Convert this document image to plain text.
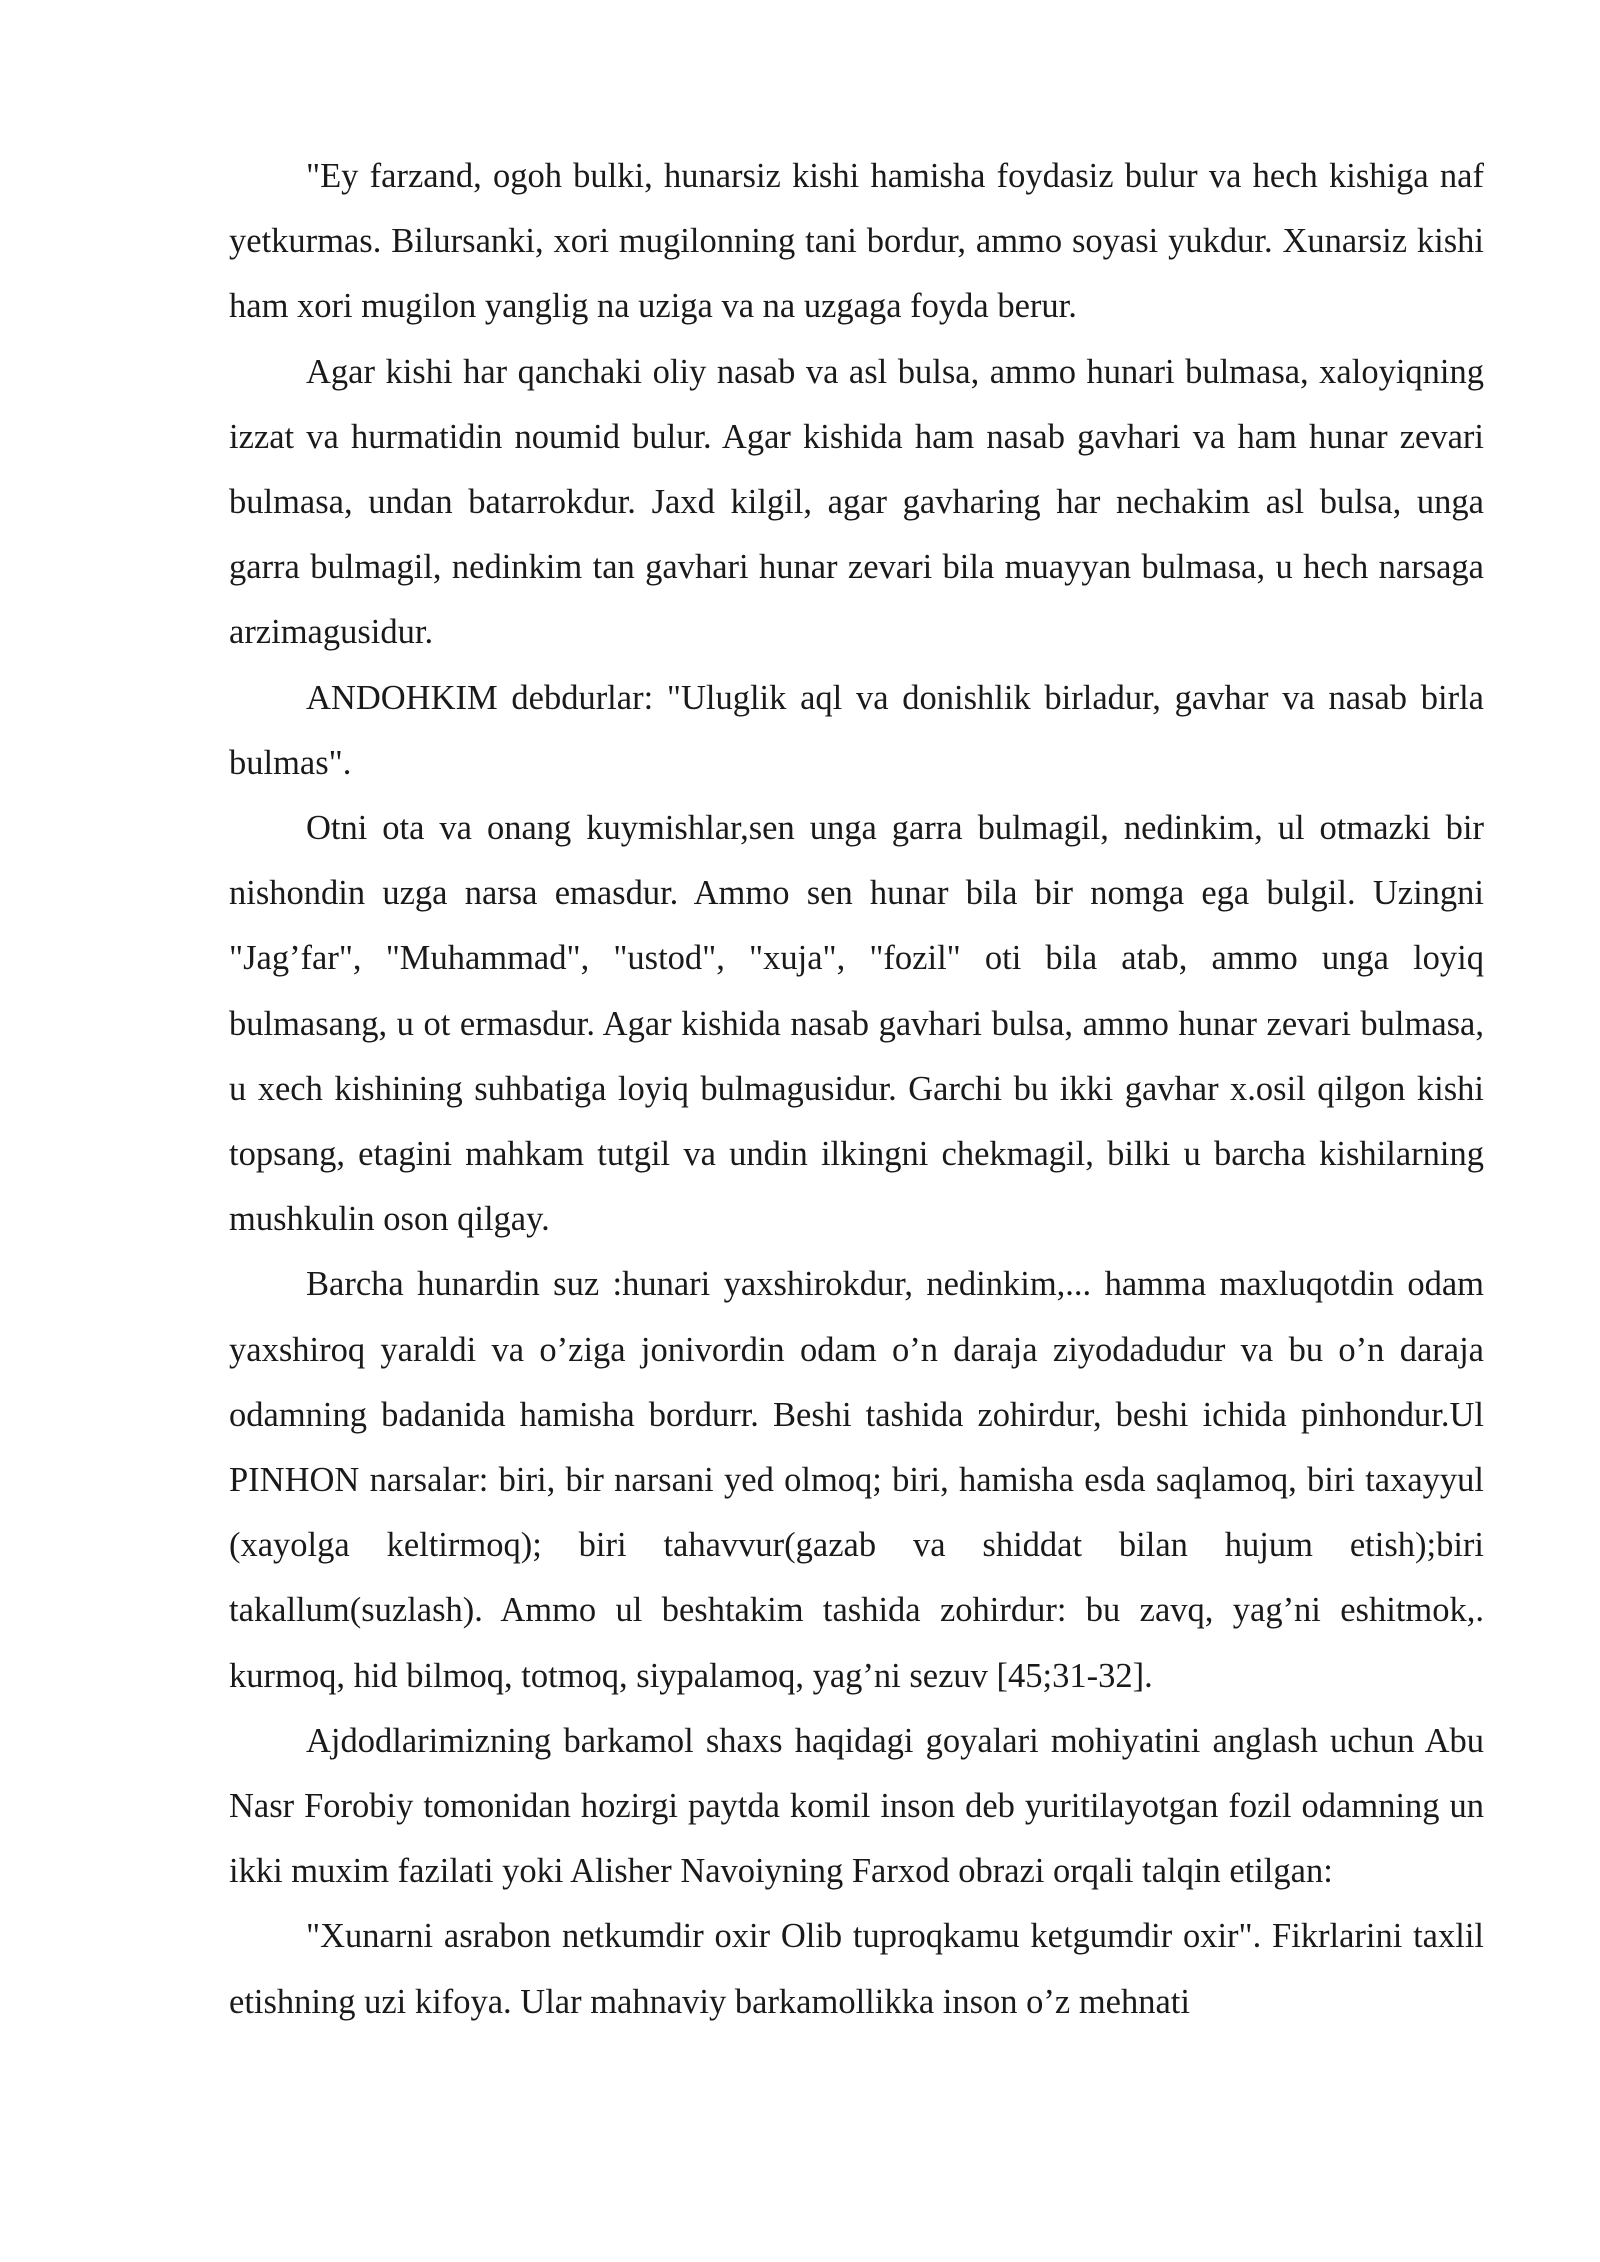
"Ey farzand, ogoh bulki, hunarsiz kishi hamisha foydasiz bulur va hech kishiga naf yetkurmas. Bilursanki, xori mugilonning tani bordur, ammo soyasi yukdur. Xunarsiz kishi ham xori mugilon yanglig na uziga va na uzgaga foyda berur.

Agar kishi har qanchaki oliy nasab va asl bulsa, ammo hunari bulmasa, xaloyiqning izzat va hurmatidin noumid bulur. Agar kishida ham nasab gavhari va ham hunar zevari bulmasa, undan batarrokdur. Jaxd kilgil, agar gavharing har nechakim asl bulsa, unga garra bulmagil, nedinkim tan gavhari hunar zevari bila muayyan bulmasa, u hech narsaga arzimagusidur.

ANDOHKIM debdurlar: "Uluglik aql va donishlik birladur, gavhar va nasab birla bulmas".

Otni ota va onang kuymishlar,sen unga garra bulmagil, nedinkim, ul otmazki bir nishondin uzga narsa emasdur. Ammo sen hunar bila bir nomga ega bulgil. Uzingni "Jag’far", "Muhammad", "ustod", "xuja", "fozil" oti bila atab, ammo unga loyiq bulmasang, u ot ermasdur. Agar kishida nasab gavhari bulsa, ammo hunar zevari bulmasa, u xech kishining suhbatiga loyiq bulmagusidur. Garchi bu ikki gavhar x.osil qilgon kishi topsang, etagini mahkam tutgil va undin ilkingni chekmagil, bilki u barcha kishilarning mushkulin oson qilgay.

Barcha hunardin suz :hunari yaxshirokdur, nedinkim,... hamma maxluqotdin odam yaxshiroq yaraldi va o’ziga jonivordin odam o’n daraja ziyodadudur va bu o’n daraja odamning badanida hamisha bordurr. Beshi tashida zohirdur, beshi ichida pinhondur.Ul PINHON narsalar: biri, bir narsani yed olmoq; biri, hamisha esda saqlamoq, biri taxayyul (xayolga keltirmoq); biri tahavvur(gazab va shiddat bilan hujum etish);biri takallum(suzlash). Ammo ul beshtakim tashida zohirdur: bu zavq, yag’ni eshitmok,. kurmoq, hid bilmoq, totmoq, siypalamoq, yag’ni sezuv [45;31-32].

Ajdodlarimizning barkamol shaxs haqidagi goyalari mohiyatini anglash uchun Abu Nasr Forobiy tomonidan hozirgi paytda komil inson deb yuritilayotgan fozil odamning un ikki muxim fazilati yoki Alisher Navoiyning Farxod obrazi orqali talqin etilgan:

"Xunarni asrabon netkumdir oxir Olib tuproqkamu ketgumdir oxir". Fikrlarini taxlil etishning uzi kifoya. Ular mahnaviy barkamollikka inson o’z mehnati
